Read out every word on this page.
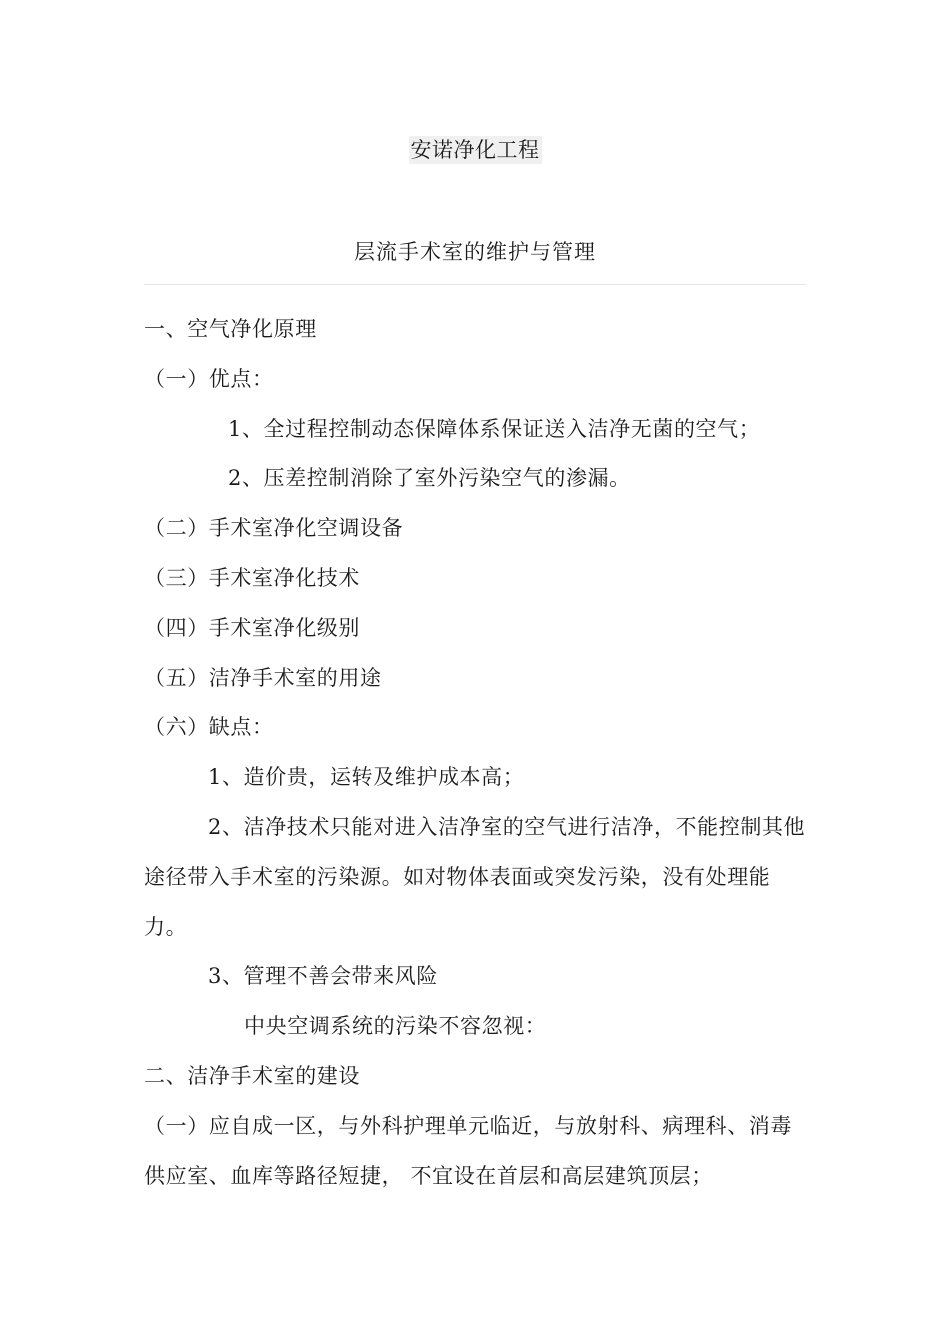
安诺净化工程
层流手术室的维护与管理

一、空气净化原理

（一）优点：

1、全过程控制动态保障体系保证送入洁净无菌的空气；

2、压差控制消除了室外污染空气的渗漏。

（二）手术室净化空调设备

（三）手术室净化技术

（四）手术室净化级别

（五）洁净手术室的用途

（六）缺点：

1、造价贵，运转及维护成本高；

2、洁净技术只能对进入洁净室的空气进行洁净，不能控制其他途径带入手术室的污染源。如对物体表面或突发污染，没有处理能力。

3、管理不善会带来风险

中央空调系统的污染不容忽视：

二、洁净手术室的建设

（一）应自成一区，与外科护理单元临近，与放射科、病理科、消毒供应室、血库等路径短捷， 不宜设在首层和高层建筑顶层；
